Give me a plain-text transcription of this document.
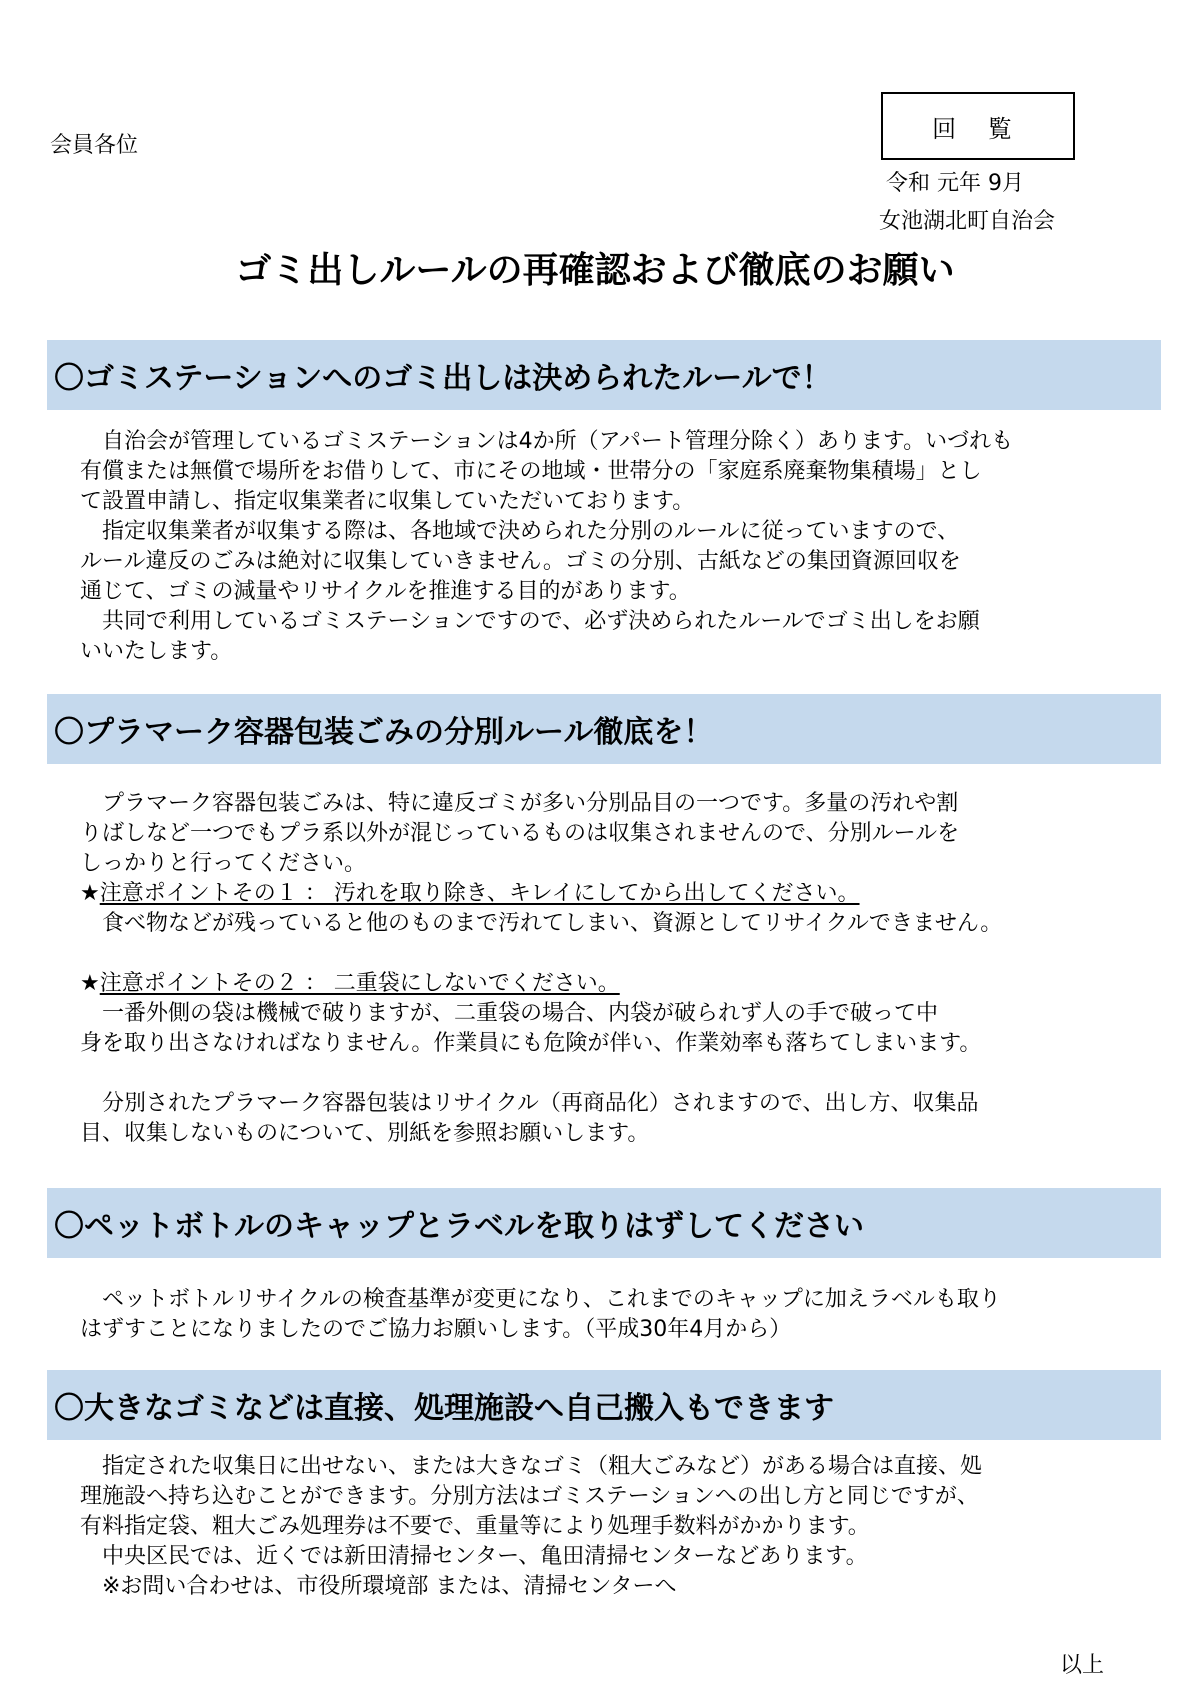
会員各位
回 覧
令和 元年 9月
女池湖北町自治会
ゴミ出しルールの再確認および徹底のお願い
〇ゴミステーションへのゴミ出しは決められたルールで！
自治会が管理しているゴミステーションは4か所（アパート管理分除く）あります。いづれも
有償または無償で場所をお借りして、市にその地域・世帯分の「家庭系廃棄物集積場」とし
て設置申請し、指定収集業者に収集していただいております。
指定収集業者が収集する際は、各地域で決められた分別のルールに従っていますので、
ルール違反のごみは絶対に収集していきません。ゴミの分別、古紙などの集団資源回収を
通じて、ゴミの減量やリサイクルを推進する目的があります。
共同で利用しているゴミステーションですので、必ず決められたルールでゴミ出しをお願
いいたします。
〇プラマーク容器包装ごみの分別ルール徹底を！
プラマーク容器包装ごみは、特に違反ゴミが多い分別品目の一つです。多量の汚れや割
りばしなど一つでもプラ系以外が混じっているものは収集されませんので、分別ルールを
しっかりと行ってください。
★注意ポイントその１ ： 汚れを取り除き、キレイにしてから出してください。
食べ物などが残っていると他のものまで汚れてしまい、資源としてリサイクルできません。
★注意ポイントその２ ： 二重袋にしないでください。
一番外側の袋は機械で破りますが、二重袋の場合、内袋が破られず人の手で破って中
身を取り出さなければなりません。作業員にも危険が伴い、作業効率も落ちてしまいます。
分別されたプラマーク容器包装はリサイクル（再商品化）されますので、出し方、収集品
目、収集しないものについて、別紙を参照お願いします。
〇ペットボトルのキャップとラベルを取りはずしてください
ペットボトルリサイクルの検査基準が変更になり、これまでのキャップに加えラベルも取り
はずすことになりましたのでご協力お願いします。（平成30年4月から）
〇大きなゴミなどは直接、処理施設へ自己搬入もできます
指定された収集日に出せない、または大きなゴミ（粗大ごみなど）がある場合は直接、処
理施設へ持ち込むことができます。分別方法はゴミステーションへの出し方と同じですが、
有料指定袋、粗大ごみ処理券は不要で、重量等により処理手数料がかかります。
中央区民では、近くでは新田清掃センター、亀田清掃センターなどあります。
※お問い合わせは、市役所環境部 または、清掃センターへ
以上
